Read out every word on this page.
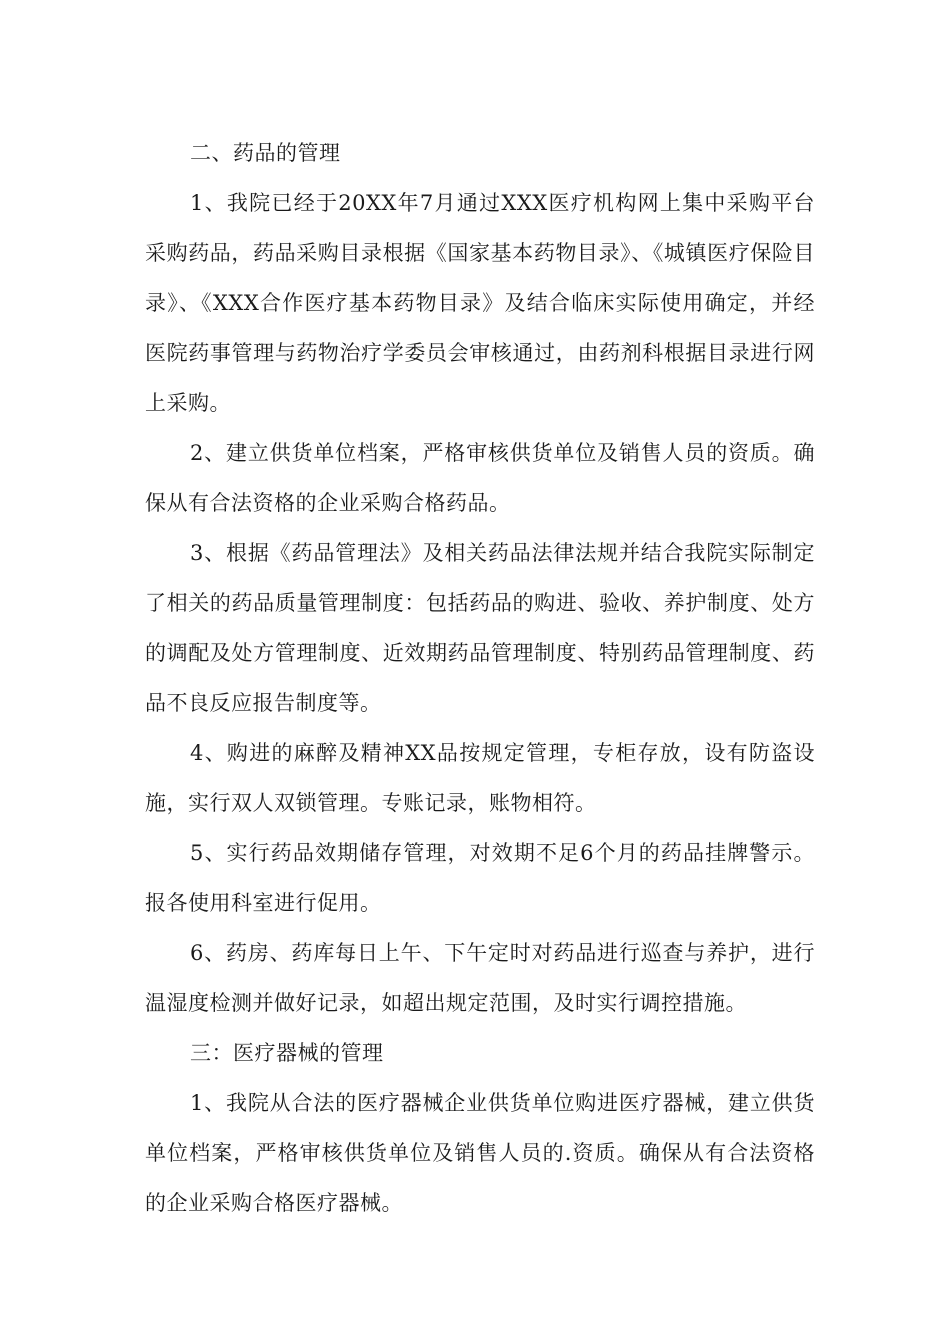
二、药品的管理

1、我院已经于20XX年7月通过XXX医疗机构网上集中采购平台采购药品，药品采购目录根据《国家基本药物目录》、《城镇医疗保险目录》、《XXX合作医疗基本药物目录》及结合临床实际使用确定，并经医院药事管理与药物治疗学委员会审核通过，由药剂科根据目录进行网上采购。

2、建立供货单位档案，严格审核供货单位及销售人员的资质。确保从有合法资格的企业采购合格药品。

3、根据《药品管理法》及相关药品法律法规并结合我院实际制定了相关的药品质量管理制度：包括药品的购进、验收、养护制度、处方的调配及处方管理制度、近效期药品管理制度、特别药品管理制度、药品不良反应报告制度等。

4、购进的麻醉及精神XX品按规定管理，专柜存放，设有防盗设施，实行双人双锁管理。专账记录，账物相符。

5、实行药品效期储存管理，对效期不足6个月的药品挂牌警示。报各使用科室进行促用。

6、药房、药库每日上午、下午定时对药品进行巡查与养护，进行温湿度检测并做好记录，如超出规定范围，及时实行调控措施。

三：医疗器械的管理

1、我院从合法的医疗器械企业供货单位购进医疗器械，建立供货单位档案，严格审核供货单位及销售人员的.资质。确保从有合法资格的企业采购合格医疗器械。
